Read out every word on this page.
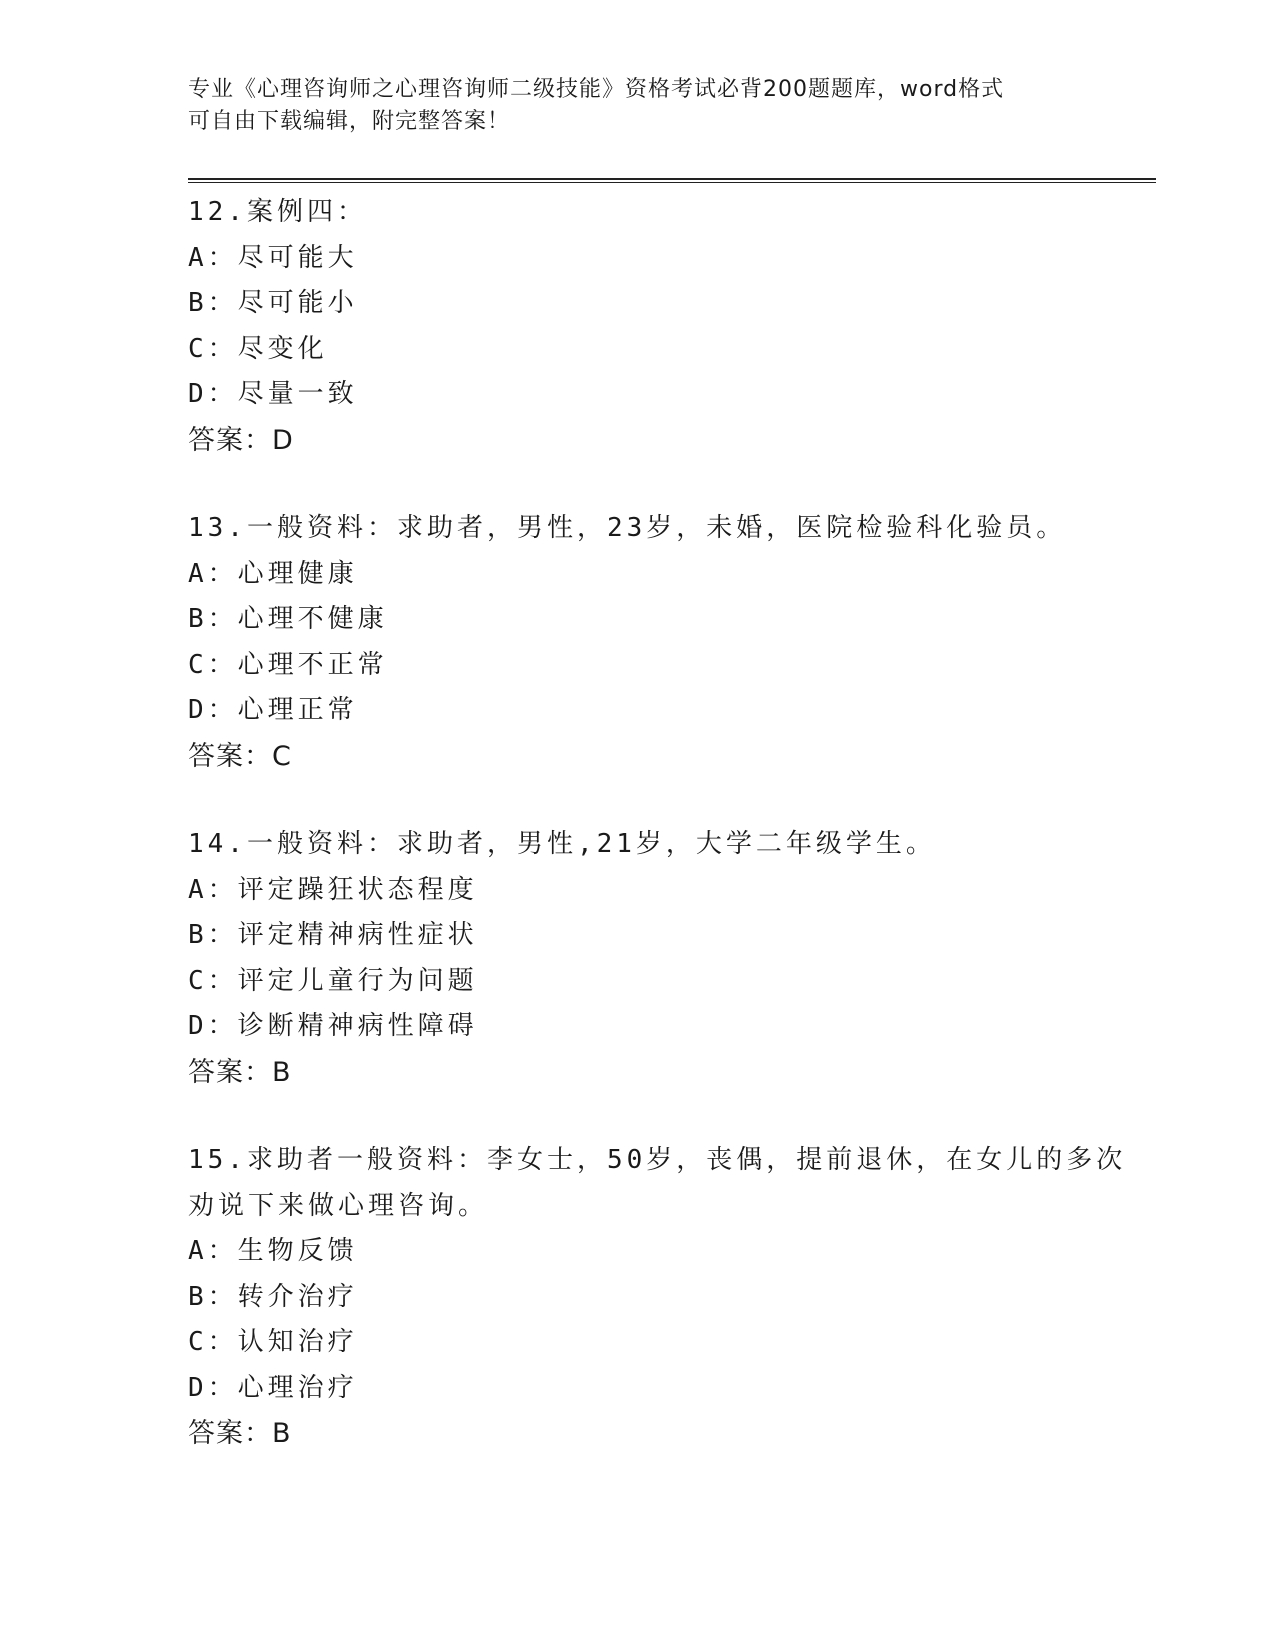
专业《心理咨询师之心理咨询师二级技能》资格考试必背200题题库，word格式
可自由下载编辑，附完整答案！
12.案例四：
A：尽可能大
B：尽可能小
C：尽变化
D：尽量一致
答案：D
13.一般资料：求助者，男性，23岁，未婚，医院检验科化验员。
A：心理健康
B：心理不健康
C：心理不正常
D：心理正常
答案：C
14.一般资料：求助者，男性,21岁，大学二年级学生。
A：评定躁狂状态程度
B：评定精神病性症状
C：评定儿童行为问题
D：诊断精神病性障碍
答案：B
15.求助者一般资料：李女士，50岁，丧偶，提前退休，在女儿的多次
劝说下来做心理咨询。
A：生物反馈
B：转介治疗
C：认知治疗
D：心理治疗
答案：B
